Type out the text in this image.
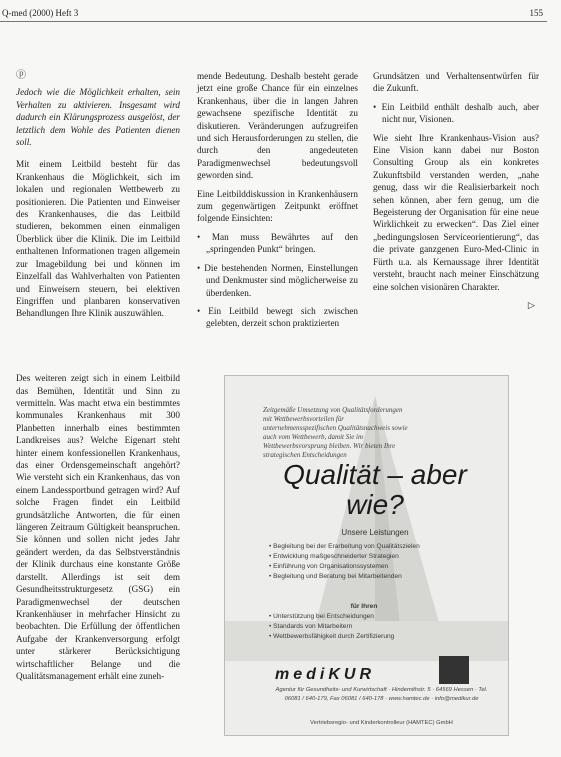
Q-med (2000) Heft 3	155
ⓟ

Jedoch wie die Möglichkeit erhalten, sein Verhalten zu aktivieren. Insgesamt wird dadurch ein Klärungsprozess ausgelöst, der letztlich dem Wohle des Patienten dienen soll.

Mit einem Leitbild besteht für das Krankenhaus die Möglichkeit, sich im lokalen und regionalen Wettbewerb zu positionieren. Die Patienten und Einweiser des Krankenhauses, die das Leitbild studieren, bekommen einen einmaligen Überblick über die Klinik. Die im Leitbild enthaltenen Informationen tragen allgemein zur Imagebildung bei und können im Einzelfall das Wahlverhalten von Patienten und Einweisern steuern, bei elektiven Eingriffen und planbaren konservativen Behandlungen Ihre Klinik auszuwählen.

Des weiteren zeigt sich in einem Leitbild das Bemühen, Identität und Sinn zu vermitteln. Was macht etwa ein bestimmtes kommunales Krankenhaus mit 300 Planbetten innerhalb eines bestimmten Landkreises aus? Welche Eigenart steht hinter einem konfessionellen Krankenhaus, das einer Ordensgemeinschaft angehört? Wie versteht sich ein Krankenhaus, das von einem Landessportbund getragen wird? Auf solche Fragen findet ein Leitbild grundsätzliche Antworten, die für einen längeren Zeitraum Gültigkeit beanspruchen. Sie können und sollen nicht jedes Jahr geändert werden, da das Selbstverständnis der Klinik durchaus eine konstante Größe darstellt. Allerdings ist seit dem Gesundheitsstrukturgesetz (GSG) ein Paradigmenwechsel der deutschen Krankenhäuser in mehrfacher Hinsicht zu beobachten. Die Erfüllung der öffentlichen Aufgabe der Krankenversorgung erfolgt unter stärkerer Berücksichtigung wirtschaftlicher Belange und die Qualitätsmanagement erhält eine zuneh-

mende Bedeutung. Deshalb besteht gerade jetzt eine große Chance für ein einzelnes Krankenhaus, über die in langen Jahren gewachsene spezifische Identität zu diskutieren. Veränderungen aufzugreifen und sich Herausforderungen zu stellen, die durch den angedeuteten Paradigmenwechsel bedeutungsvoll geworden sind.

Eine Leitbilddiskussion in Krankenhäusern zum gegenwärtigen Zeitpunkt eröffnet folgende Einsichten:

• Man muss Bewährtes auf den „springenden Punkt“ bringen.

• Die bestehenden Normen, Einstellungen und Denkmuster sind möglicherweise zu überdenken.

• Ein Leitbild bewegt sich zwischen gelebten, derzeit schon praktizierten

Grundsätzen und Verhaltensentwürfen für die Zukunft.

• Ein Leitbild enthält deshalb auch, aber nicht nur, Visionen.

Wie sieht Ihre Krankenhaus-Vision aus? Eine Vision kann dabei nur Boston Consulting Group als ein konkretes Zukunftsbild verstanden werden, „nahe genug, dass wir die Realisierbarkeit noch sehen können, aber fern genug, um die Begeisterung der Organisation für eine neue Wirklichkeit zu erwecken“. Das Ziel einer „bedingungslosen Serviceorientierung“, das die private ganzgenen Euro-Med-Clinic in Fürth u.a. als Kernaussage ihrer Identität versteht, braucht nach meiner Einschätzung eine solchen visionären Charakter.

▷
Zeitgemäße Umsetzung von Qualitätsforderungen mit Wettbewerbsvorteilen für unternehmensspezifischen Qualitätsnachweis sowie auch vom Wettbewerb, damit Sie im Wettbewerbsvorsprung bleiben. Wir bieten Ihre strategischen Entscheidungen
Qualität – aber wie?
Unsere Leistungen
• Begleitung bei der Erarbeitung von Qualitätszielen
• Entwicklung maßgeschneiderter Strategien
• Einführung von Organisationssystemen
• Begleitung und Beratung bei Mitarbeitenden
für Ihren
• Unterstützung bei Entscheidungen
• Standards von Mitarbeitern
• Wettbewerbsfähigkeit durch Zertifizierung
mediKUR
Agentur für Gesundheits- und Kurwirtschaft · Hindemithstr. 5 · 64569 Hessen · Tel. 06081 / 640-179, Fax 06081 / 640-178 · www.hamtec.de · info@medikur.de
Vertriebsregio- und Kinderkontrolleur (HAMTEC) GmbH
